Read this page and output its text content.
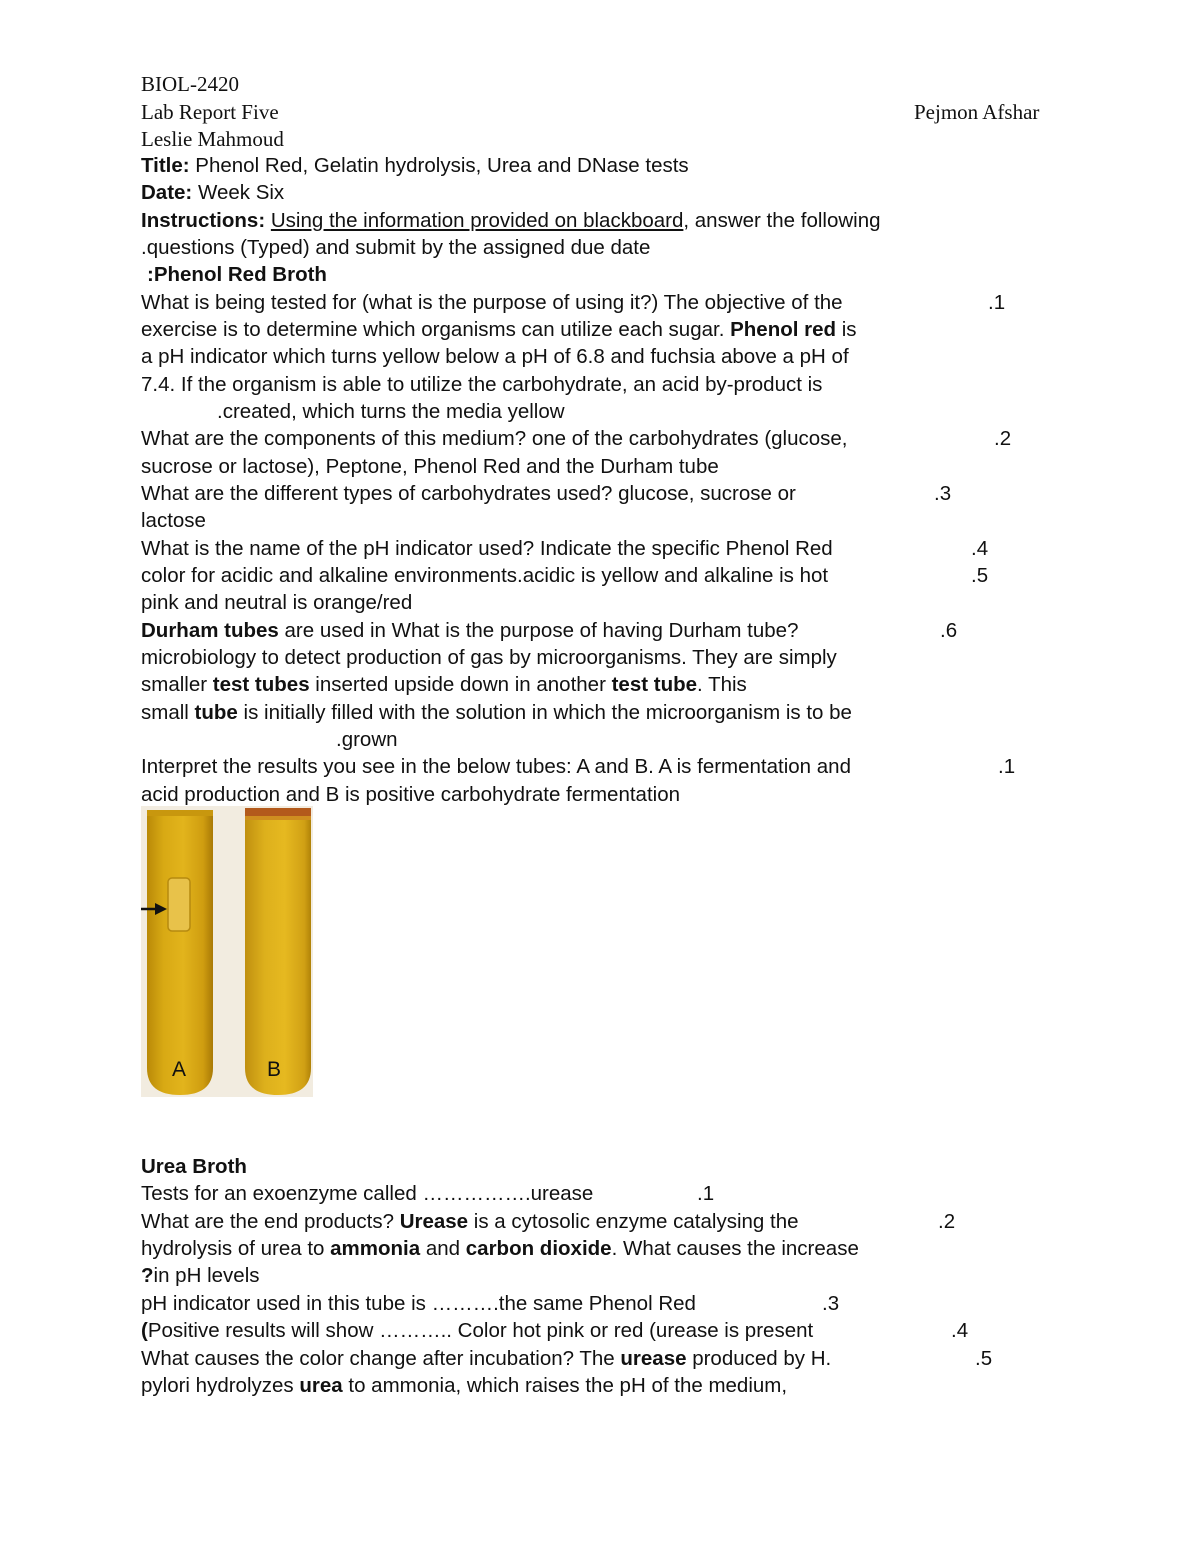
BIOL-2420
Lab Report Five	Pejmon Afshar
Leslie Mahmoud
Title: Phenol Red, Gelatin hydrolysis, Urea and DNase tests
Date: Week Six
Instructions: Using the information provided on blackboard, answer the following
.questions (Typed) and submit by the assigned due date
:Phenol Red Broth
What is being tested for (what is the purpose of using it?) The objective of the	.1
exercise is to determine which organisms can utilize each sugar. Phenol red is
a pH indicator which turns yellow below a pH of 6.8 and fuchsia above a pH of
7.4. If the organism is able to utilize the carbohydrate, an acid by-product is
.created, which turns the media yellow
What are the components of this medium? one of the carbohydrates (glucose,	.2
sucrose or lactose), Peptone, Phenol Red and the Durham tube
What are the different types of carbohydrates used? glucose, sucrose or	.3
lactose
What is the name of the pH indicator used? Indicate the specific Phenol Red	.4
color for acidic and alkaline environments.acidic is yellow and alkaline is hot	.5
pink and neutral is orange/red
Durham tubes are used in What is the purpose of having Durham tube?	.6
microbiology to detect production of gas by microorganisms. They are simply
smaller test tubes inserted upside down in another test tube. This
small tube is initially filled with the solution in which the microorganism is to be
.grown
Interpret the results you see in the below tubes: A and B. A is fermentation and	.1
acid production and B is positive carbohydrate fermentation
A	B
Urea Broth
Tests for an exoenzyme called …………….urease	.1
What are the end products? Urease is a cytosolic enzyme catalysing the	.2
hydrolysis of urea to ammonia and carbon dioxide. What causes the increase
?in pH levels
pH indicator used in this tube is ……….the same Phenol Red	.3
(Positive results will show ……….. Color hot pink or red (urease is present	.4
What causes the color change after incubation? The urease produced by H.	.5
pylori hydrolyzes urea to ammonia, which raises the pH of the medium,
